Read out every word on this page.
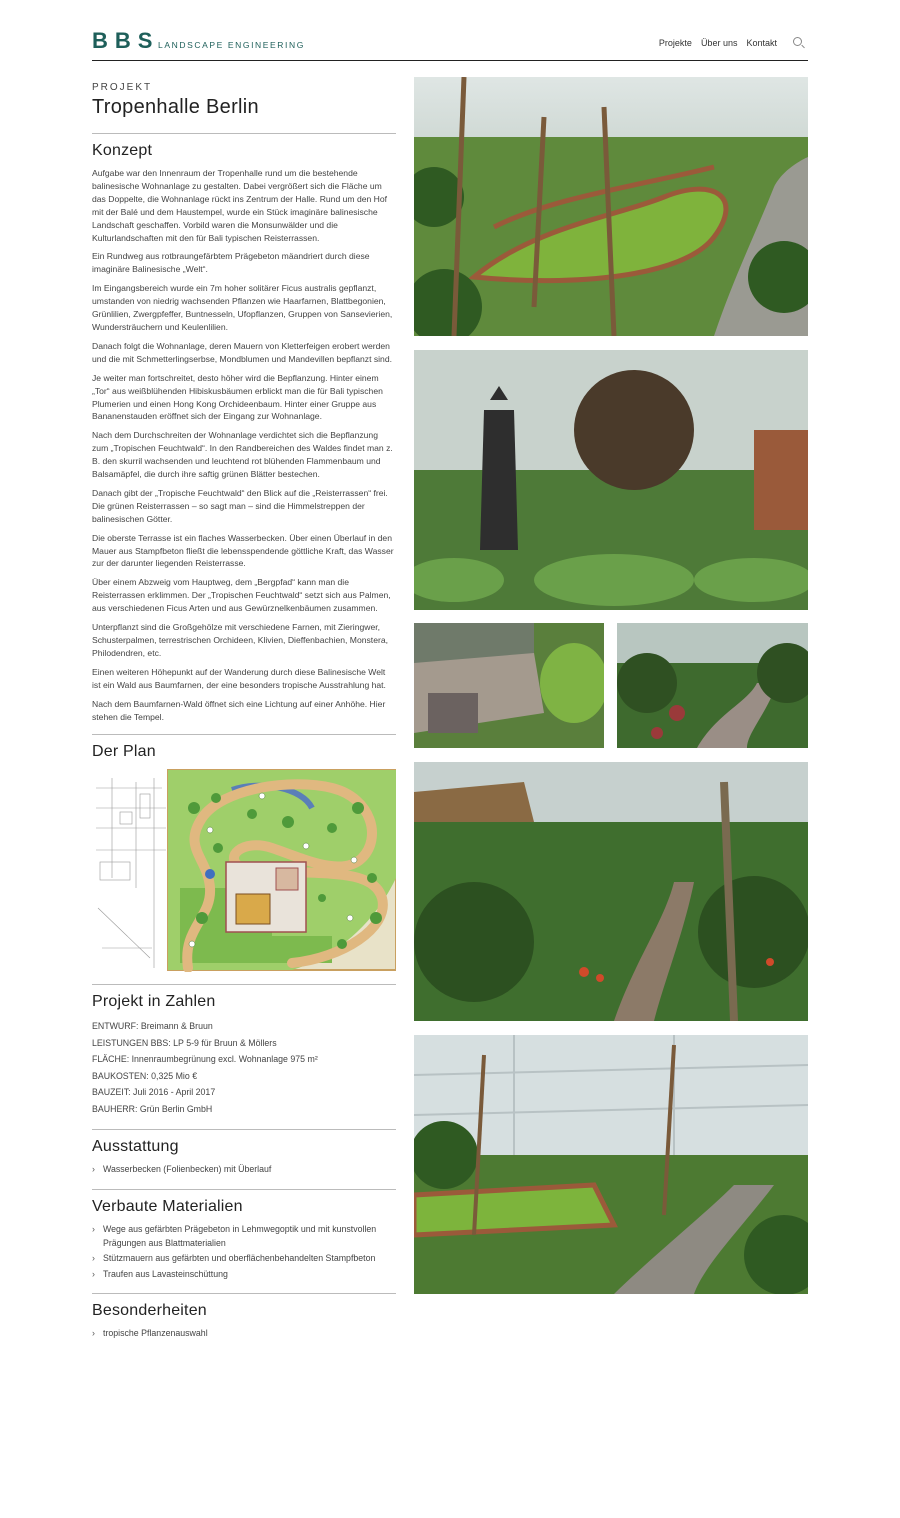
BBS
LANDSCAPE ENGINEERING	Projekte Über uns Kontakt
PROJEKT
Tropenhalle Berlin
Konzept

Aufgabe war den Innenraum der Tropenhalle rund um die bestehende balinesische Wohnanlage zu gestalten. Dabei vergrößert sich die Fläche um das Doppelte, die Wohnanlage rückt ins Zentrum der Halle. Rund um den Hof mit der Balé und dem Haustempel, wurde ein Stück imaginäre balinesische Landschaft geschaffen. Vorbild waren die Monsunwälder und die Kulturlandschaften mit den für Bali typischen Reisterrassen.

Ein Rundweg aus rotbraungefärbtem Prägebeton mäandriert durch diese imaginäre Balinesische „Welt“.

Im Eingangsbereich wurde ein 7m hoher solitärer Ficus australis gepflanzt, umstanden von niedrig wachsenden Pflanzen wie Haarfarnen, Blattbegonien, Grünlilien, Zwergpfeffer, Buntnesseln, Ufopflanzen, Gruppen von Sansevierien, Wundersträuchern und Keulenlilien.

Danach folgt die Wohnanlage, deren Mauern von Kletterfeigen erobert werden und die mit Schmetterlingserbse, Mondblumen und Mandevillen bepflanzt sind.

Je weiter man fortschreitet, desto höher wird die Bepflanzung. Hinter einem „Tor“ aus weißblühenden Hibiskusbäumen erblickt man die für Bali typischen Plumerien und einen Hong Kong Orchideenbaum. Hinter einer Gruppe aus Bananenstauden eröffnet sich der Eingang zur Wohnanlage.

Nach dem Durchschreiten der Wohnanlage verdichtet sich die Bepflanzung zum „Tropischen Feuchtwald“. In den Randbereichen des Waldes findet man z. B. den skurril wachsenden und leuchtend rot blühenden Flammenbaum und Balsamäpfel, die durch ihre saftig grünen Blätter bestechen.

Danach gibt der „Tropische Feuchtwald“ den Blick auf die „Reisterrassen“ frei. Die grünen Reisterrassen – so sagt man – sind die Himmelstreppen der balinesischen Götter.

Die oberste Terrasse ist ein flaches Wasserbecken. Über einen Überlauf in den Mauer aus Stampfbeton fließt die lebensspendende göttliche Kraft, das Wasser zur der darunter liegenden Reisterrasse.

Über einem Abzweig vom Hauptweg, dem „Bergpfad“ kann man die Reisterrassen erklimmen. Der „Tropischen Feuchtwald“ setzt sich aus Palmen, aus verschiedenen Ficus Arten und aus Gewürznelkenbäumen zusammen.

Unterpflanzt sind die Großgehölze mit verschiedene Farnen, mit Zieringwer, Schusterpalmen, terrestrischen Orchideen, Klivien, Dieffenbachien, Monstera, Philodendren, etc.

Einen weiteren Höhepunkt auf der Wanderung durch diese Balinesische Welt ist ein Wald aus Baumfarnen, der eine besonders tropische Ausstrahlung hat.

Nach dem Baumfarnen-Wald öffnet sich eine Lichtung auf einer Anhöhe. Hier stehen die Tempel.

Der Plan
Projekt in Zahlen
ENTWURF: Breimann & Bruun
LEISTUNGEN BBS: LP 5-9 für Bruun & Möllers
FLÄCHE: Innenraumbegrünung excl. Wohnanlage 975 m²
BAUKOSTEN: 0,325 Mio €
BAUZEIT: Juli 2016 - April 2017
BAUHERR: Grün Berlin GmbH
Ausstattung
› Wasserbecken (Folienbecken) mit Überlauf
Verbaute Materialien
› Wege aus gefärbten Prägebeton in Lehmwegoptik und mit kunstvollen Prägungen aus Blattmaterialien
› Stützmauern aus gefärbten und oberflächenbehandelten Stampfbeton
› Traufen aus Lavasteinschüttung
Besonderheiten
› tropische Pflanzenauswahl
